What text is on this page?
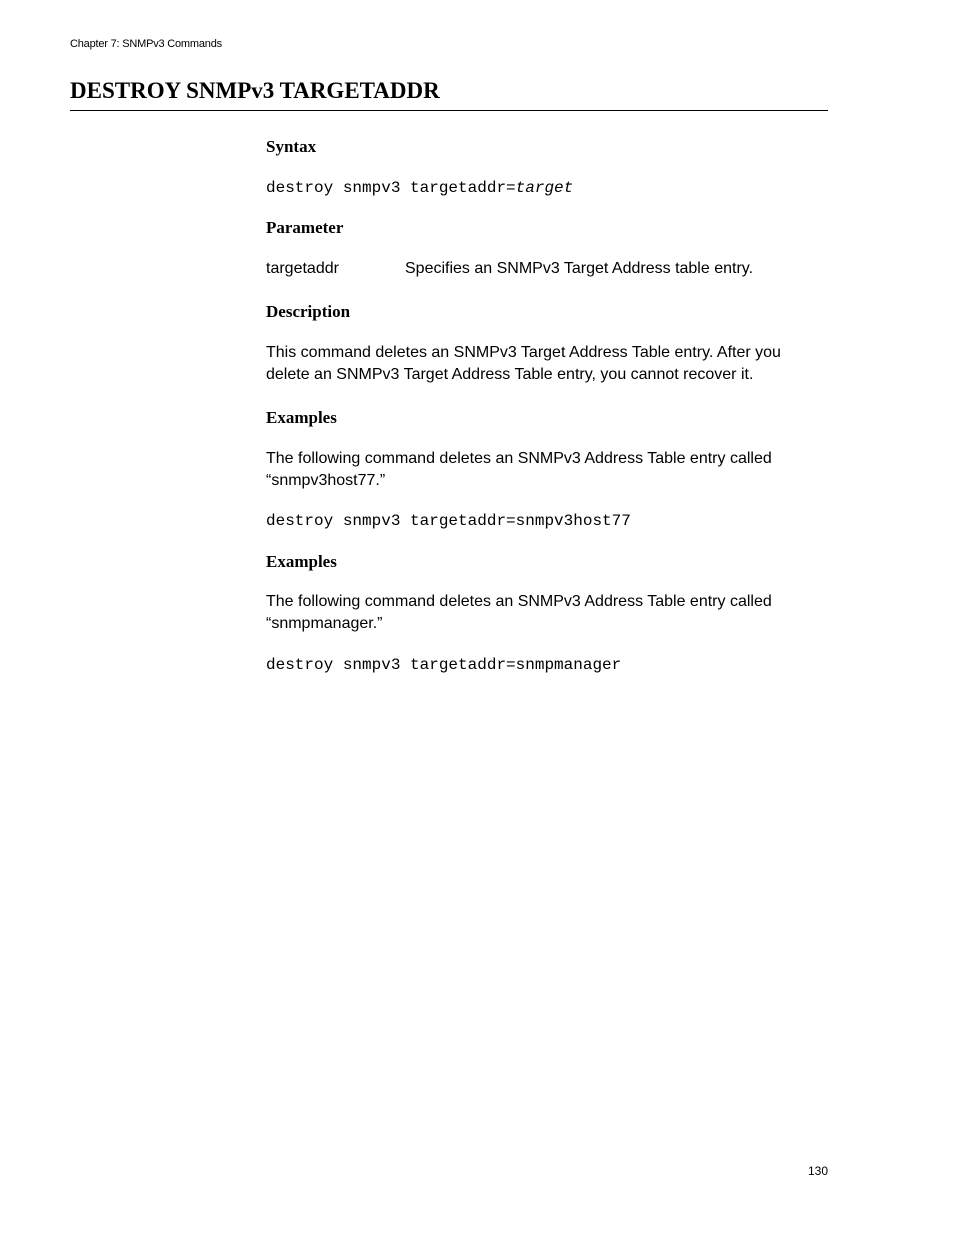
Chapter 7: SNMPv3 Commands
DESTROY SNMPv3 TARGETADDR
Syntax

destroy snmpv3 targetaddr=target

Parameter

targetaddr	Specifies an SNMPv3 Target Address table entry.

Description

This command deletes an SNMPv3 Target Address Table entry. After you delete an SNMPv3 Target Address Table entry, you cannot recover it.

Examples

The following command deletes an SNMPv3 Address Table entry called “snmpv3host77.”

destroy snmpv3 targetaddr=snmpv3host77

Examples

The following command deletes an SNMPv3 Address Table entry called “snmpmanager.”

destroy snmpv3 targetaddr=snmpmanager

130
